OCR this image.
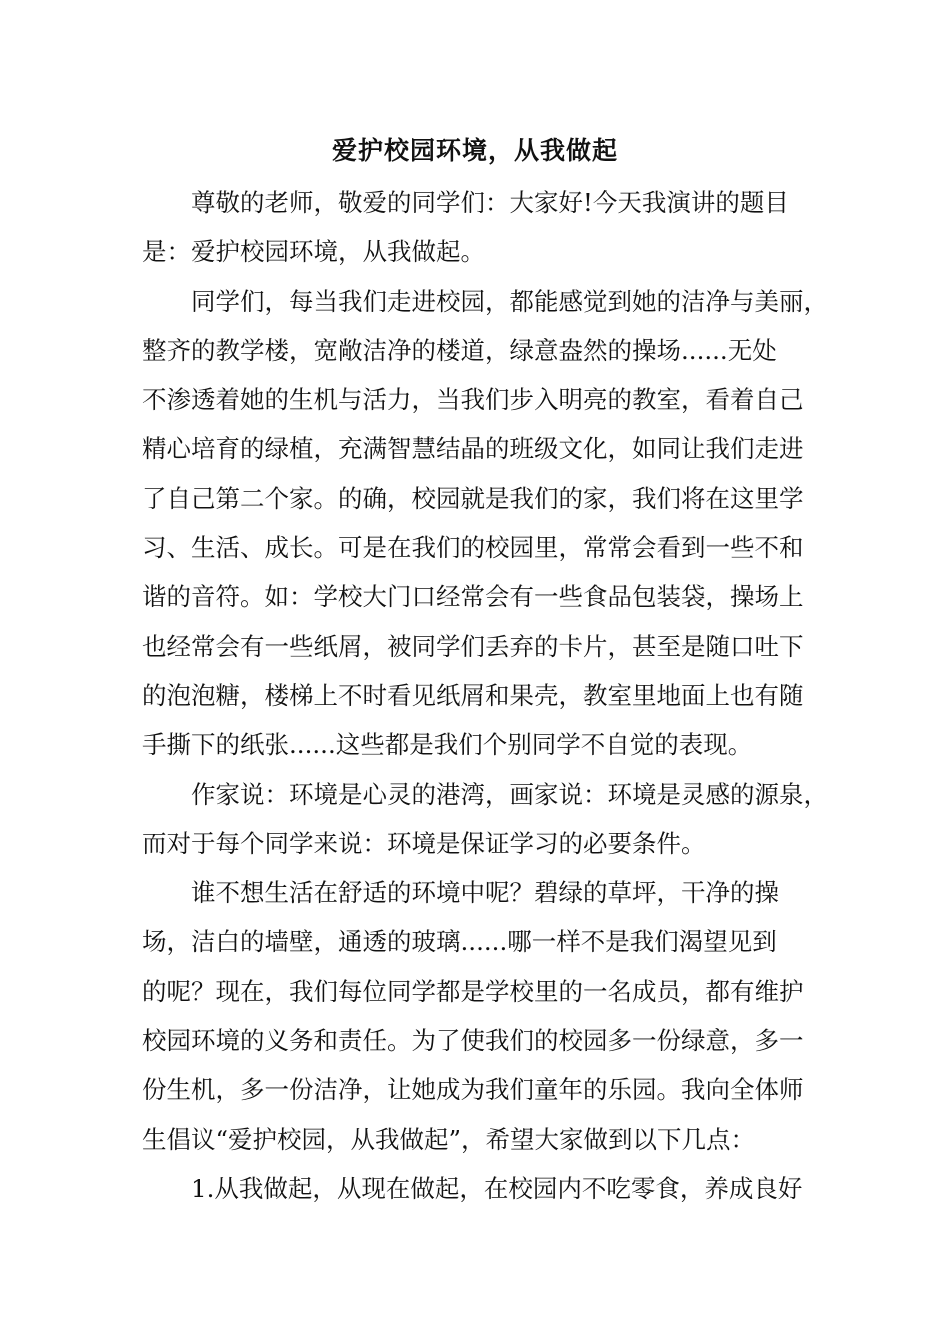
爱护校园环境，从我做起
尊敬的老师，敬爱的同学们：大家好!今天我演讲的题目
是：爱护校园环境，从我做起。
同学们，每当我们走进校园，都能感觉到她的洁净与美丽，
整齐的教学楼，宽敞洁净的楼道，绿意盎然的操场......无处
不渗透着她的生机与活力，当我们步入明亮的教室，看着自己
精心培育的绿植，充满智慧结晶的班级文化，如同让我们走进
了自己第二个家。的确，校园就是我们的家，我们将在这里学
习、生活、成长。可是在我们的校园里，常常会看到一些不和
谐的音符。如：学校大门口经常会有一些食品包装袋，操场上
也经常会有一些纸屑，被同学们丢弃的卡片，甚至是随口吐下
的泡泡糖，楼梯上不时看见纸屑和果壳，教室里地面上也有随
手撕下的纸张......这些都是我们个别同学不自觉的表现。
作家说：环境是心灵的港湾，画家说：环境是灵感的源泉，
而对于每个同学来说：环境是保证学习的必要条件。
谁不想生活在舒适的环境中呢？碧绿的草坪，干净的操
场，洁白的墙壁，通透的玻璃......哪一样不是我们渴望见到
的呢？现在，我们每位同学都是学校里的一名成员，都有维护
校园环境的义务和责任。为了使我们的校园多一份绿意，多一
份生机，多一份洁净，让她成为我们童年的乐园。我向全体师
生倡议“爱护校园，从我做起”，希望大家做到以下几点：
1.从我做起，从现在做起，在校园内不吃零食，养成良好
